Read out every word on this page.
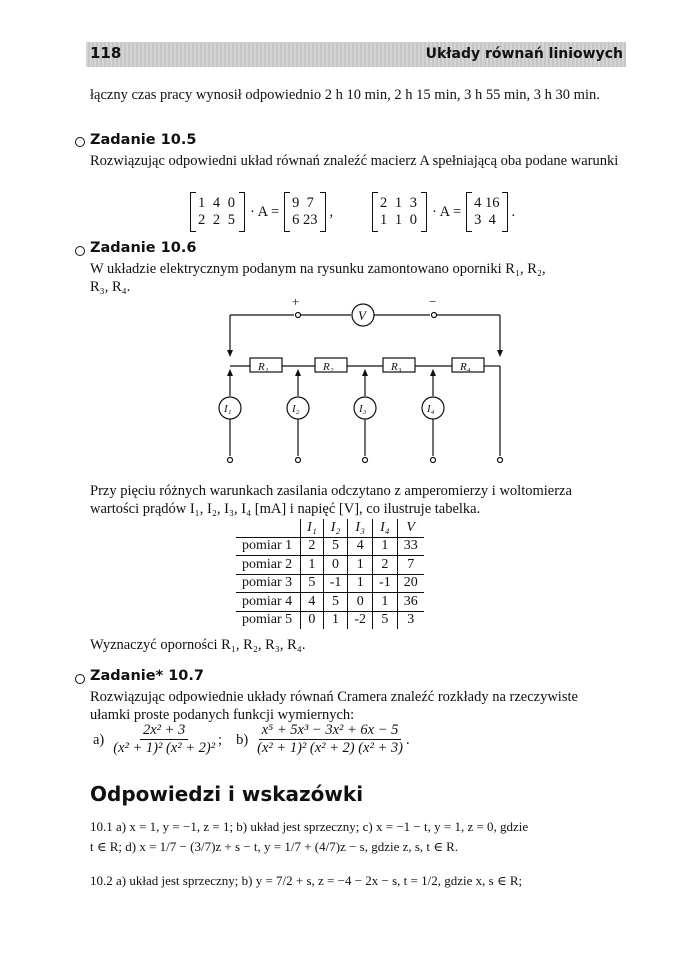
118	Układy równań liniowych
łączny czas pracy wynosił odpowiednio 2 h 10 min, 2 h 15 min, 3 h 55 min, 3 h 30 min.
Zadanie 10.5
Rozwiązując odpowiedni układ równań znaleźć macierz A spełniającą oba podane warunki
1 4 0
2 2 5
· A =
9  7
6 23
,
2 1 3
1 1 0
· A =
4 16
3  4
.
Zadanie 10.6
W układzie elektrycznym podanym na rysunku zamontowano oporniki R₁, R₂,
R₃, R₄.
+	−
V
R₁	R₂	R₃	R₄
I₁	I₂	I₃	I₄
Przy pięciu różnych warunkach zasilania odczytano z amperomierzy i woltomierza
wartości prądów I₁, I₂, I₃, I₄ [mA] i napięć [V], co ilustruje tabelka.
	I₁	I₂	I₃	I₄	V
pomiar 1	2	5	4	1	33
pomiar 2	1	0	1	2	7
pomiar 3	5	-1	1	-1	20
pomiar 4	4	5	0	1	36
pomiar 5	0	1	-2	5	3
Wyznaczyć oporności R₁, R₂, R₃, R₄.
Zadanie* 10.7
Rozwiązując odpowiednie układy równań Cramera znaleźć rozkłady na rzeczywiste
ułamki proste podanych funkcji wymiernych:
$a) \frac{\text{2x² + 3}}{\text{(x² + 1)² (x² + 2)²}}$ ; $b) \frac{\text{x⁵ + 5x³ − 3x² + 6x − 5}}{\text{(x² + 1)² (x² + 2) (x² + 3)}}$ .
Odpowiedzi i wskazówki
10.1 a) x = 1, y = −1, z = 1; b) układ jest sprzeczny; c) x = −1 − t, y = 1, z = 0, gdzie
t ∈ R; d) x = 1/7 − (3/7)z + s − t, y = 1/7 + (4/7)z − s, gdzie z, s, t ∈ R.
10.2 a) układ jest sprzeczny; b) y = 7/2 + s, z = −4 − 2x − s, t = 1/2, gdzie x, s ∈ R;
